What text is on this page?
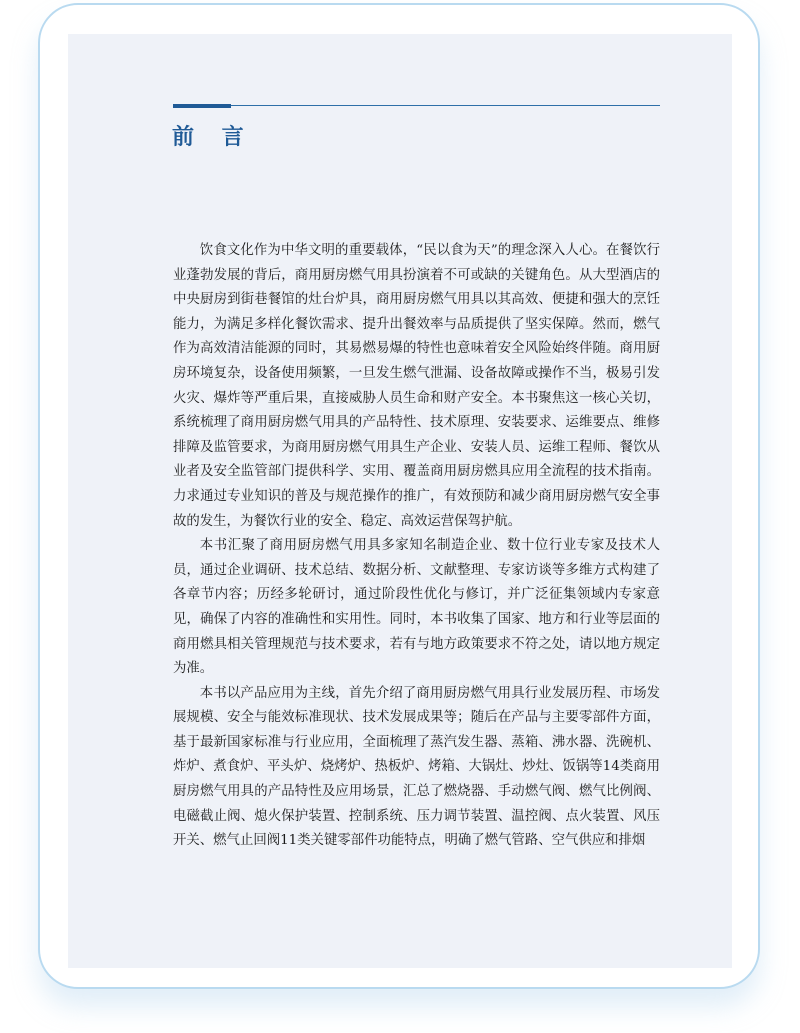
前 言

饮食文化作为中华文明的重要载体，“民以食为天”的理念深入人心。在餐饮行业蓬勃发展的背后，商用厨房燃气用具扮演着不可或缺的关键角色。从大型酒店的中央厨房到街巷餐馆的灶台炉具，商用厨房燃气用具以其高效、便捷和强大的烹饪能力，为满足多样化餐饮需求、提升出餐效率与品质提供了坚实保障。然而，燃气作为高效清洁能源的同时，其易燃易爆的特性也意味着安全风险始终伴随。商用厨房环境复杂，设备使用频繁，一旦发生燃气泄漏、设备故障或操作不当，极易引发火灾、爆炸等严重后果，直接威胁人员生命和财产安全。本书聚焦这一核心关切，系统梳理了商用厨房燃气用具的产品特性、技术原理、安装要求、运维要点、维修排障及监管要求，为商用厨房燃气用具生产企业、安装人员、运维工程师、餐饮从业者及安全监管部门提供科学、实用、覆盖商用厨房燃具应用全流程的技术指南。力求通过专业知识的普及与规范操作的推广，有效预防和减少商用厨房燃气安全事故的发生，为餐饮行业的安全、稳定、高效运营保驾护航。

本书汇聚了商用厨房燃气用具多家知名制造企业、数十位行业专家及技术人员，通过企业调研、技术总结、数据分析、文献整理、专家访谈等多维方式构建了各章节内容；历经多轮研讨，通过阶段性优化与修订，并广泛征集领域内专家意见，确保了内容的准确性和实用性。同时，本书收集了国家、地方和行业等层面的商用燃具相关管理规范与技术要求，若有与地方政策要求不符之处，请以地方规定为准。

本书以产品应用为主线，首先介绍了商用厨房燃气用具行业发展历程、市场发展规模、安全与能效标准现状、技术发展成果等；随后在产品与主要零部件方面，基于最新国家标准与行业应用，全面梳理了蒸汽发生器、蒸箱、沸水器、洗碗机、炸炉、煮食炉、平头炉、烧烤炉、热板炉、烤箱、大锅灶、炒灶、饭锅等14类商用厨房燃气用具的产品特性及应用场景，汇总了燃烧器、手动燃气阀、燃气比例阀、电磁截止阀、熄火保护装置、控制系统、压力调节装置、温控阀、点火装置、风压开关、燃气止回阀11类关键零部件功能特点，明确了燃气管路、空气供应和排烟
